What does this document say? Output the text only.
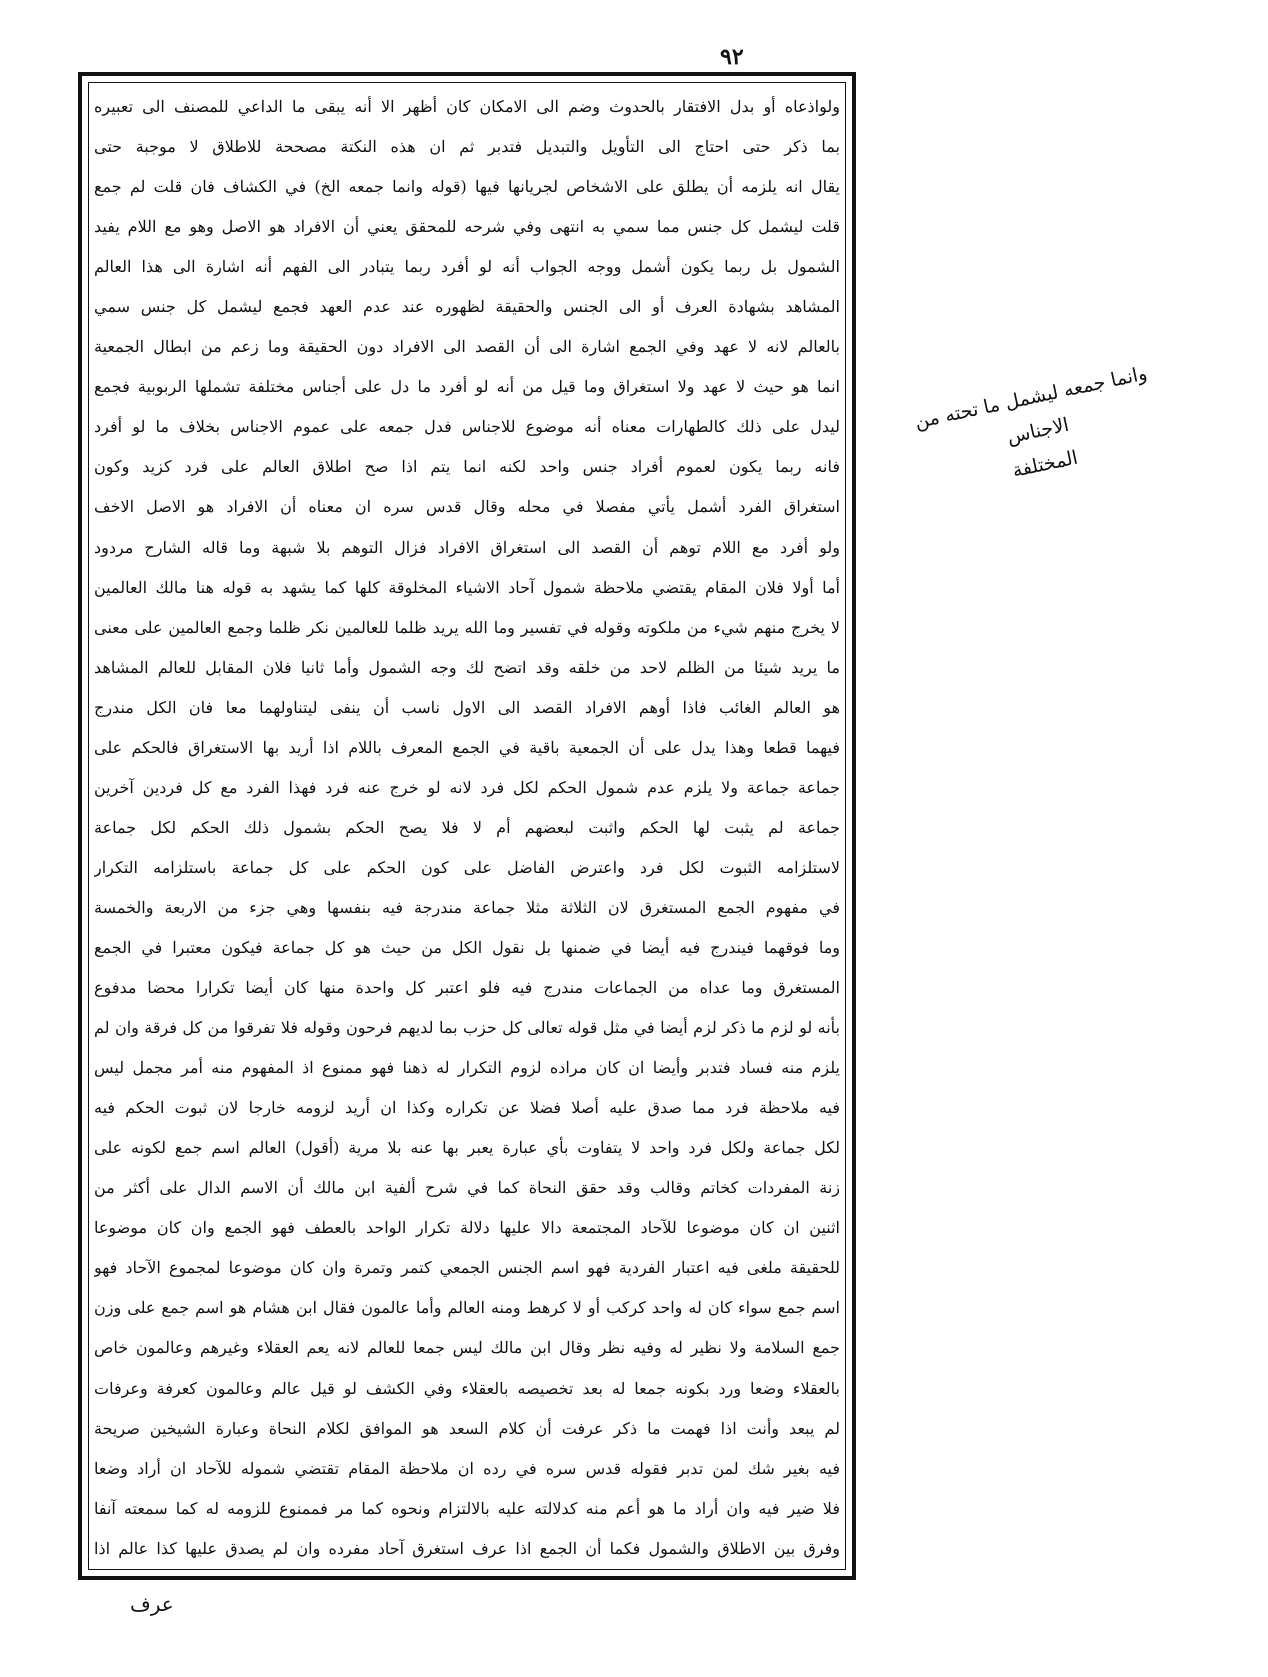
٩٢
ولواذعاه أو بدل الافتقار بالحدوث وضم الى الامكان كان أظهر الا أنه يبقى ما الداعي للمصنف الى تعبيره
بما ذكر حتى احتاج الى التأويل والتبديل فتدبر ثم ان هذه النكتة مصححة للاطلاق لا موجبة حتى
يقال انه يلزمه أن يطلق على الاشخاص لجريانها فيها (قوله وانما جمعه الخ) في الكشاف فان قلت لم جمع
قلت ليشمل كل جنس مما سمي به انتهى وفي شرحه للمحقق يعني أن الافراد هو الاصل وهو مع اللام يفيد
الشمول بل ربما يكون أشمل ووجه الجواب أنه لو أفرد ربما يتبادر الى الفهم أنه اشارة الى هذا العالم
المشاهد بشهادة العرف أو الى الجنس والحقيقة لظهوره عند عدم العهد فجمع ليشمل كل جنس سمي
بالعالم لانه لا عهد وفي الجمع اشارة الى أن القصد الى الافراد دون الحقيقة وما زعم من ابطال الجمعية
انما هو حيث لا عهد ولا استغراق وما قيل من أنه لو أفرد ما دل على أجناس مختلفة تشملها الربوبية فجمع
ليدل على ذلك كالطهارات معناه أنه موضوع للاجناس فدل جمعه على عموم الاجناس بخلاف ما لو أفرد
فانه ربما يكون لعموم أفراد جنس واحد لكنه انما يتم اذا صح اطلاق العالم على فرد كزيد وكون
استغراق الفرد أشمل يأتي مفصلا في محله وقال قدس سره ان معناه أن الافراد هو الاصل الاخف
ولو أفرد مع اللام توهم أن القصد الى استغراق الافراد فزال التوهم بلا شبهة وما قاله الشارح مردود
أما أولا فلان المقام يقتضي ملاحظة شمول آحاد الاشياء المخلوقة كلها كما يشهد به قوله هنا مالك العالمين
لا يخرج منهم شيء من ملكوته وقوله في تفسير وما الله يريد ظلما للعالمين نكر ظلما وجمع العالمين على معنى
ما يريد شيئا من الظلم لاحد من خلقه وقد اتضح لك وجه الشمول وأما ثانيا فلان المقابل للعالم المشاهد
هو العالم الغائب فاذا أوهم الافراد القصد الى الاول ناسب أن ينفى ليتناولهما معا فان الكل مندرج
فيهما قطعا وهذا يدل على أن الجمعية باقية في الجمع المعرف باللام اذا أريد بها الاستغراق فالحكم على
جماعة جماعة ولا يلزم عدم شمول الحكم لكل فرد لانه لو خرج عنه فرد فهذا الفرد مع كل فردين آخرين
جماعة لم يثبت لها الحكم واثبت لبعضهم أم لا فلا يصح الحكم بشمول ذلك الحكم لكل جماعة
لاستلزامه الثبوت لكل فرد واعترض الفاضل على كون الحكم على كل جماعة باستلزامه التكرار
في مفهوم الجمع المستغرق لان الثلاثة مثلا جماعة مندرجة فيه بنفسها وهي جزء من الاربعة والخمسة
وما فوقهما فيندرج فيه أيضا في ضمنها بل نقول الكل من حيث هو كل جماعة فيكون معتبرا في الجمع
المستغرق وما عداه من الجماعات مندرج فيه فلو اعتبر كل واحدة منها كان أيضا تكرارا محضا مدفوع
بأنه لو لزم ما ذكر لزم أيضا في مثل قوله تعالى كل حزب بما لديهم فرحون وقوله فلا تفرقوا من كل فرقة وان لم
يلزم منه فساد فتدبر وأيضا ان كان مراده لزوم التكرار له ذهنا فهو ممنوع اذ المفهوم منه أمر مجمل ليس
فيه ملاحظة فرد مما صدق عليه أصلا فضلا عن تكراره وكذا ان أريد لزومه خارجا لان ثبوت الحكم فيه
لكل جماعة ولكل فرد واحد لا يتفاوت بأي عبارة يعبر بها عنه بلا مرية (أقول) العالم اسم جمع لكونه على
زنة المفردات كخاتم وقالب وقد حقق النحاة كما في شرح ألفية ابن مالك أن الاسم الدال على أكثر من
اثنين ان كان موضوعا للآحاد المجتمعة دالا عليها دلالة تكرار الواحد بالعطف فهو الجمع وان كان موضوعا
للحقيقة ملغى فيه اعتبار الفردية فهو اسم الجنس الجمعي كتمر وتمرة وان كان موضوعا لمجموع الآحاد فهو
اسم جمع سواء كان له واحد كركب أو لا كرهط ومنه العالم وأما عالمون فقال ابن هشام هو اسم جمع على وزن
جمع السلامة ولا نظير له وفيه نظر وقال ابن مالك ليس جمعا للعالم لانه يعم العقلاء وغيرهم وعالمون خاص
بالعقلاء وضعا ورد بكونه جمعا له بعد تخصيصه بالعقلاء وفي الكشف لو قيل عالم وعالمون كعرفة وعرفات
لم يبعد وأنت اذا فهمت ما ذكر عرفت أن كلام السعد هو الموافق لكلام النحاة وعبارة الشيخين صريحة
فيه بغير شك لمن تدبر فقوله قدس سره في رده ان ملاحظة المقام تقتضي شموله للآحاد ان أراد وضعا
فلا ضير فيه وان أراد ما هو أعم منه كدلالته عليه بالالتزام ونحوه كما مر فممنوع للزومه له كما سمعته آنفا
وفرق بين الاطلاق والشمول فكما أن الجمع اذا عرف استغرق آحاد مفرده وان لم يصدق عليها كذا عالم اذا
وانما جمعه ليشمل ما تحته من الاجناس
المختلفة
عرف
